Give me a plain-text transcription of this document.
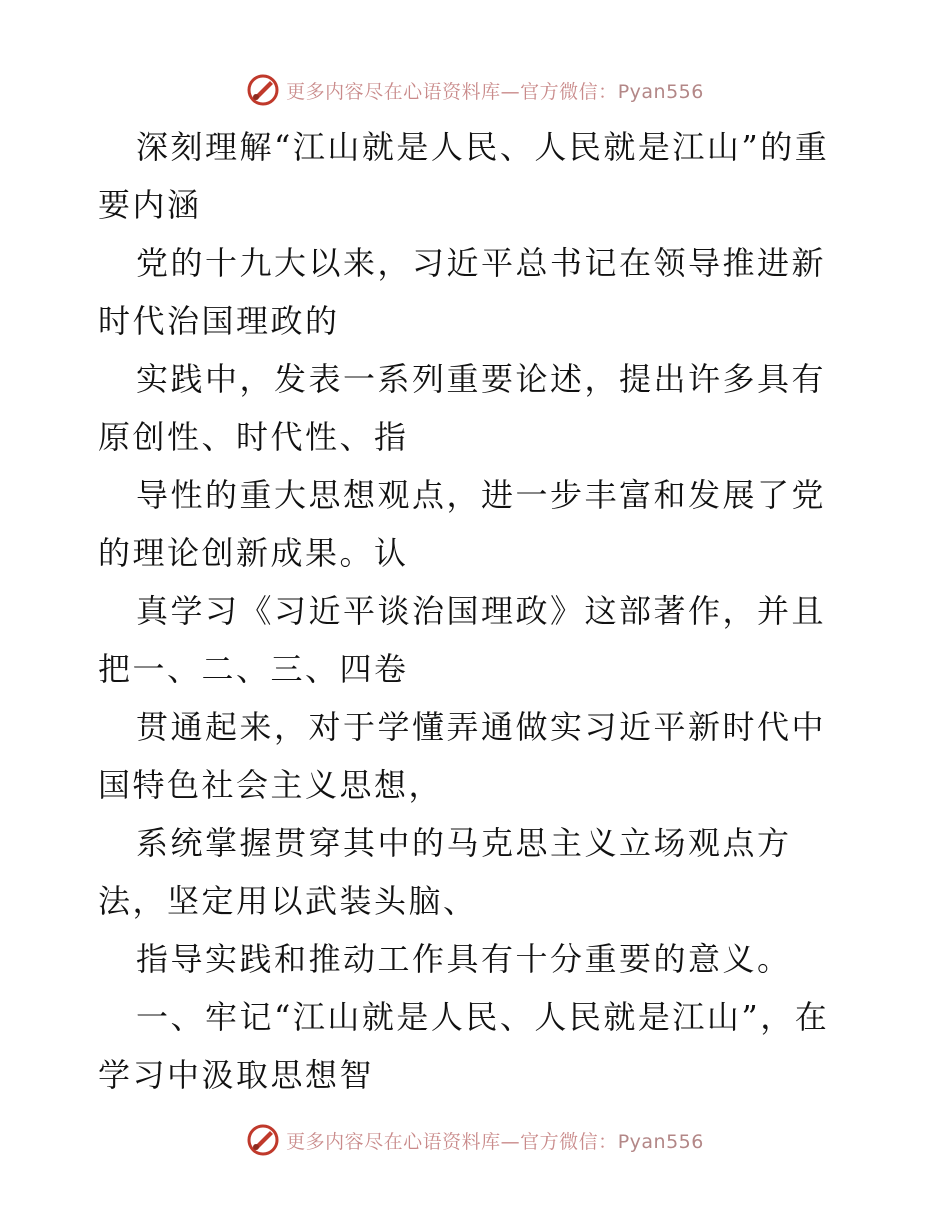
更多内容尽在心语资料库—官方微信：Pyan556

深刻理解“江山就是人民、人民就是江山”的重要内涵

党的十九大以来，习近平总书记在领导推进新时代治国理政的

实践中，发表一系列重要论述，提出许多具有原创性、时代性、指

导性的重大思想观点，进一步丰富和发展了党的理论创新成果。认

真学习《习近平谈治国理政》这部著作，并且把一、二、三、四卷

贯通起来，对于学懂弄通做实习近平新时代中国特色社会主义思想，

系统掌握贯穿其中的马克思主义立场观点方法，坚定用以武装头脑、

指导实践和推动工作具有十分重要的意义。

一、牢记“江山就是人民、人民就是江山”，在学习中汲取思想智

更多内容尽在心语资料库—官方微信：Pyan556
